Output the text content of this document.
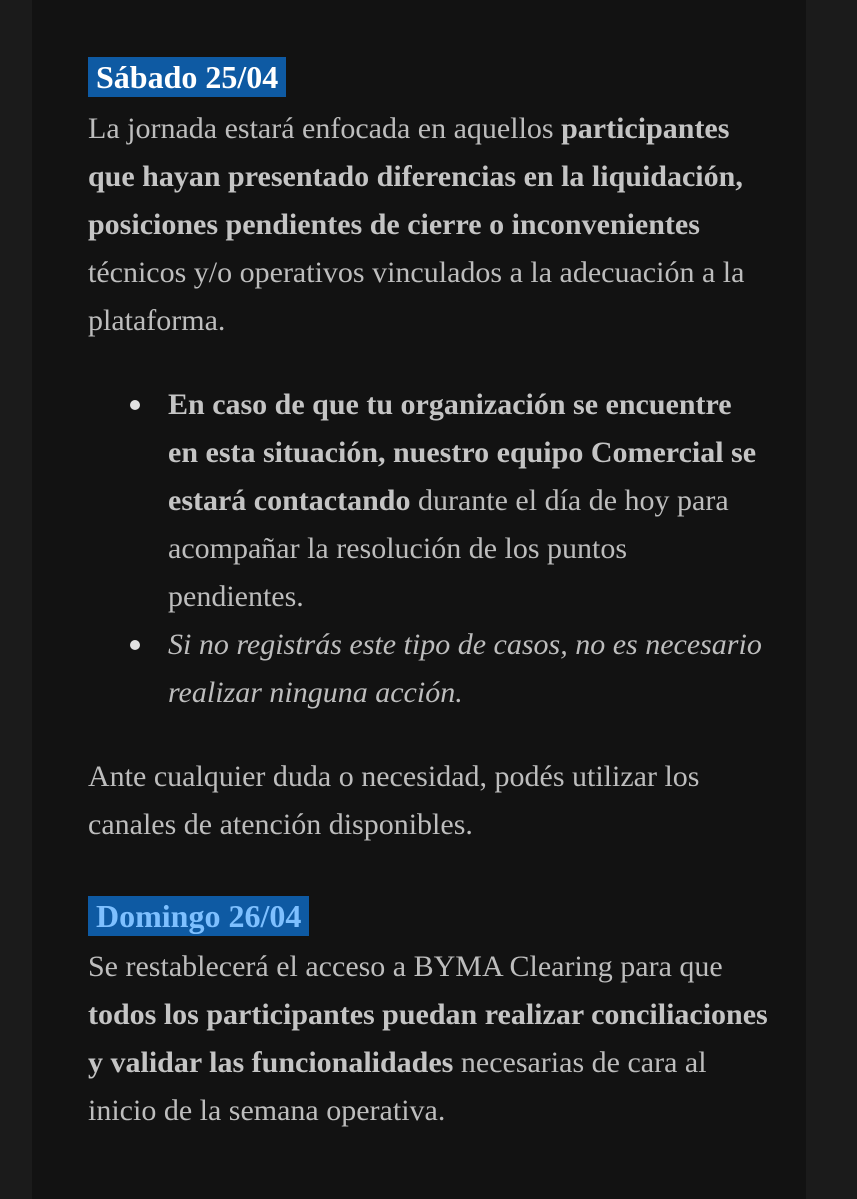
Sábado 25/04

La jornada estará enfocada en aquellos participantes que hayan presentado diferencias en la liquidación, posiciones pendientes de cierre o inconvenientes técnicos y/o operativos vinculados a la adecuación a la plataforma.

En caso de que tu organización se encuentre en esta situación, nuestro equipo Comercial se estará contactando durante el día de hoy para acompañar la resolución de los puntos pendientes.
Si no registrás este tipo de casos, no es necesario realizar ninguna acción.

Ante cualquier duda o necesidad, podés utilizar los canales de atención disponibles.

Domingo 26/04

Se restablecerá el acceso a BYMA Clearing para que todos los participantes puedan realizar conciliaciones y validar las funcionalidades necesarias de cara al inicio de la semana operativa.
